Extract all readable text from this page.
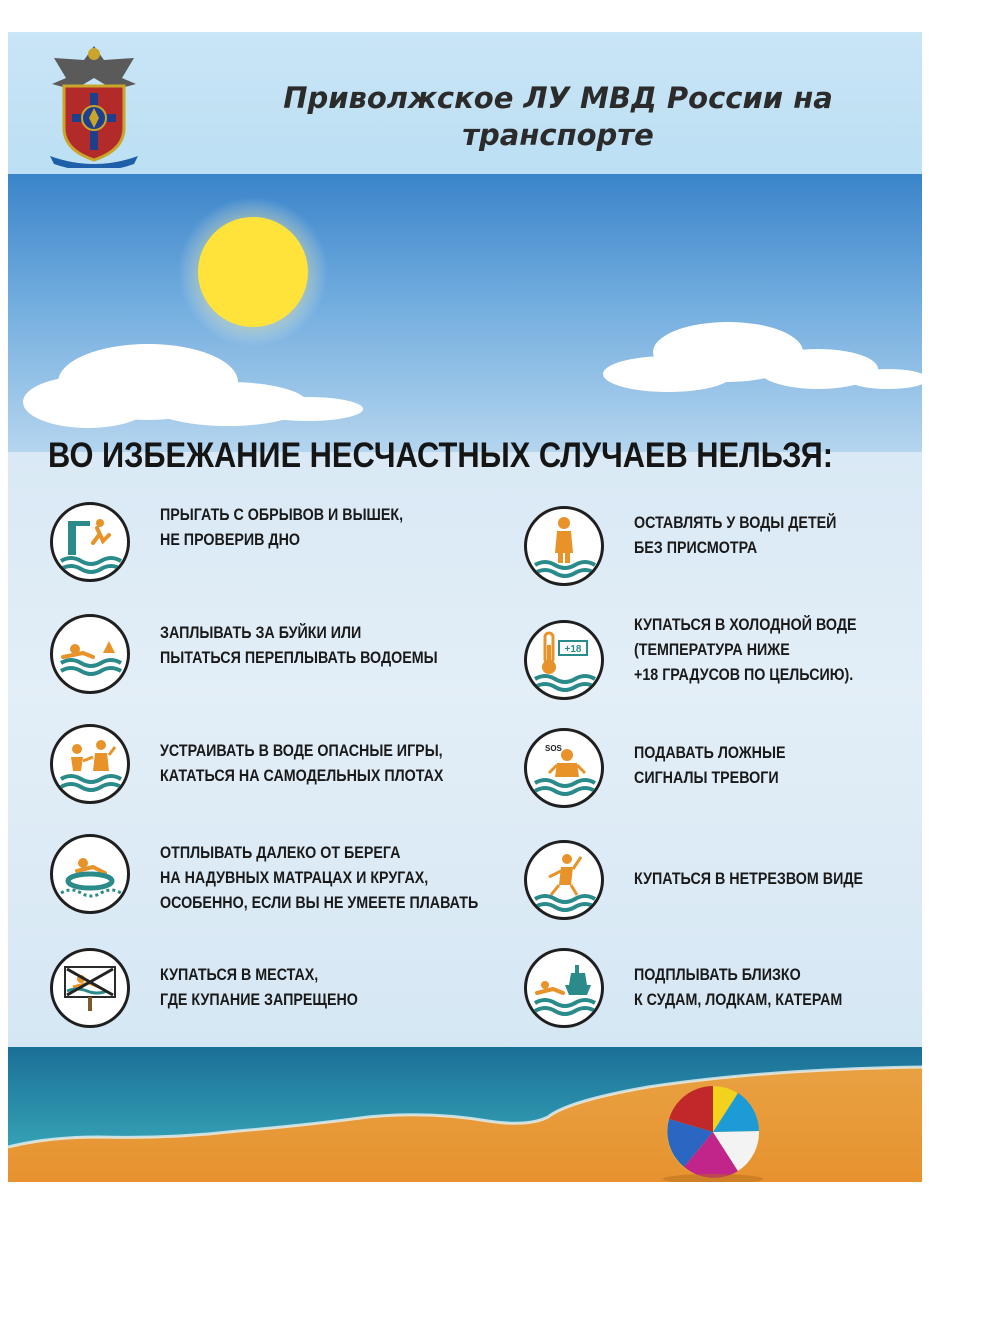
Приволжское ЛУ МВД России на
транспорте
ВО ИЗБЕЖАНИЕ НЕСЧАСТНЫХ СЛУЧАЕВ НЕЛЬЗЯ:
ПРЫГАТЬ С ОБРЫВОВ И ВЫШЕК,
НЕ ПРОВЕРИВ ДНО
ОСТАВЛЯТЬ У ВОДЫ ДЕТЕЙ
БЕЗ ПРИСМОТРА
ЗАПЛЫВАТЬ ЗА БУЙКИ ИЛИ
ПЫТАТЬСЯ ПЕРЕПЛЫВАТЬ ВОДОЕМЫ	+18
КУПАТЬСЯ В ХОЛОДНОЙ ВОДЕ
(ТЕМПЕРАТУРА НИЖЕ
+18 ГРАДУСОВ ПО ЦЕЛЬСИЮ).
УСТРАИВАТЬ В ВОДЕ ОПАСНЫЕ ИГРЫ,
КАТАТЬСЯ НА САМОДЕЛЬНЫХ ПЛОТАХ
SOS	ПОДАВАТЬ ЛОЖНЫЕ
СИГНАЛЫ ТРЕВОГИ
ОТПЛЫВАТЬ ДАЛЕКО ОТ БЕРЕГА
НА НАДУВНЫХ МАТРАЦАХ И КРУГАХ,
ОСОБЕННО, ЕСЛИ ВЫ НЕ УМЕЕТЕ ПЛАВАТЬ
КУПАТЬСЯ В НЕТРЕЗВОМ ВИДЕ
КУПАТЬСЯ В МЕСТАХ,
ГДЕ КУПАНИЕ ЗАПРЕЩЕНО
ПОДПЛЫВАТЬ БЛИЗКО
К СУДАМ, ЛОДКАМ, КАТЕРАМ
